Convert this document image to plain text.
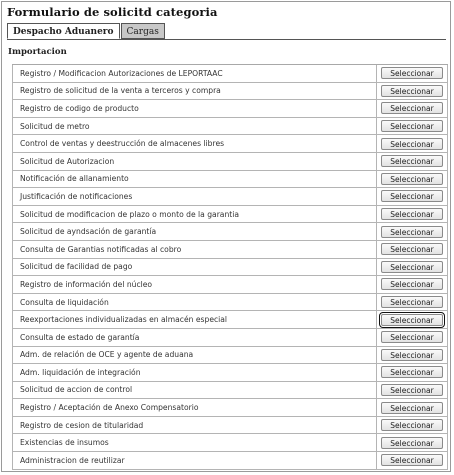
Formulario de solicitd categoria
Despacho Aduanero	Cargas
Importacion
Registro / Modificacion Autorizaciones de LEPORTAAC	Seleccionar
Registro de solicitud de la venta a terceros y compra	Seleccionar
Registro de codigo de producto	Seleccionar
Solicitud de metro	Seleccionar
Control de ventas y deestrucción de almacenes libres	Seleccionar
Solicitud de Autorizacion	Seleccionar
Notificación de allanamiento	Seleccionar
Justificación de notificaciones	Seleccionar
Solicitud de modificacion de plazo o monto de la garantia	Seleccionar
Solicitud de ayndsación de garantía	Seleccionar
Consulta de Garantias notificadas al cobro	Seleccionar
Solicitud de facilidad de pago	Seleccionar
Registro de información del núcleo	Seleccionar
Consulta de liquidación	Seleccionar
Reexportaciones individualizadas en almacén especial	Seleccionar
Consulta de estado de garantía	Seleccionar
Adm. de relación de OCE y agente de aduana	Seleccionar
Adm. liquidación de integración	Seleccionar
Solicitud de accion de control	Seleccionar
Registro / Aceptación de Anexo Compensatorio	Seleccionar
Registro de cesion de titularidad	Seleccionar
Existencias de insumos	Seleccionar
Administracion de reutilizar	Seleccionar
